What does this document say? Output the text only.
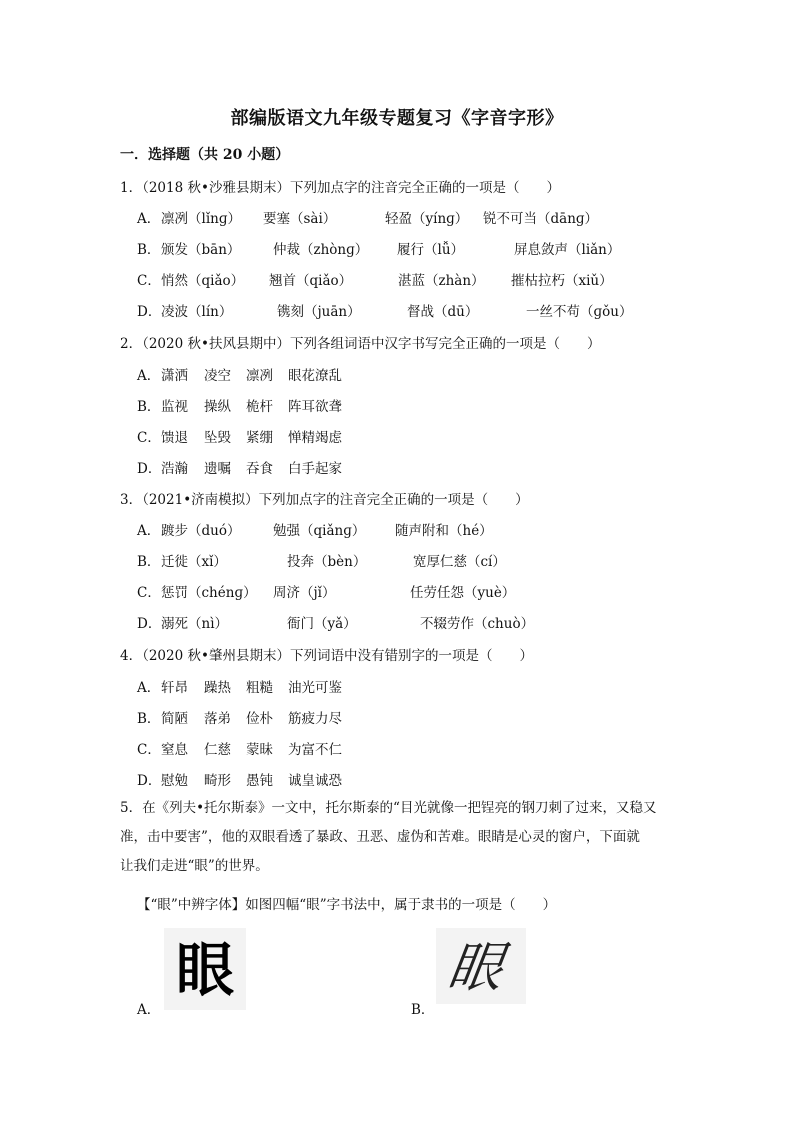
部编版语文九年级专题复习《字音字形》
一．选择题（共 20 小题）
1．（2018 秋•沙雅县期末）下列加点字的注音完全正确的一项是（　　）
A． 凛冽（lǐnɡ） 要塞（sài）	轻盈（yínɡ） 锐不可当（dānɡ）
B． 颁发（bān） 仲裁（zhònɡ） 履行（lǚ）	屏息敛声（liǎn）
C． 悄然（qiǎo） 翘首（qiǎo）	湛蓝（zhàn） 摧枯拉朽（xiǔ）
D． 凌波（lín）	镌刻（juān）	督战（dū）	一丝不苟（ɡǒu）
2．（2020 秋•扶风县期中）下列各组词语中汉字书写完全正确的一项是（　　）
A． 潇洒 凌空 凛冽 眼花潦乱
B． 监视 操纵 桅杆 阵耳欲聋
C． 馈退 坠毁 紧绷 惮精竭虑
D． 浩瀚 遗嘱 吞食 白手起家
3．（2021•济南模拟）下列加点字的注音完全正确的一项是（　　）
A． 踱步（duó） 勉强（qiǎnɡ） 随声附和（hé）
B． 迁徙（xǐ）	投奔（bèn）	宽厚仁慈（cí）
C． 惩罚（chénɡ） 周济（jǐ）	任劳任怨（yuè）
D． 溺死（nì）	衙门（yǎ）	不辍劳作（chuò）
4．（2020 秋•肇州县期末）下列词语中没有错别字的一项是（　　）
A． 轩昂 躁热 粗糙 油光可鉴
B． 简陋 落弟 俭朴 筋疲力尽
C． 窒息 仁慈 蒙昧 为富不仁
D． 慰勉 畸形 愚钝 诚皇诚恐
5．在《列夫•托尔斯泰》一文中，托尔斯泰的“目光就像一把锃亮的钢刀刺了过来，又稳又
准，击中要害”，他的双眼看透了暴政、丑恶、虚伪和苦难。眼睛是心灵的窗户，下面就
让我们走进“眼”的世界。
【“眼”中辨字体】如图四幅“眼”字书法中，属于隶书的一项是（　　）
眼
A．
眼
B．
